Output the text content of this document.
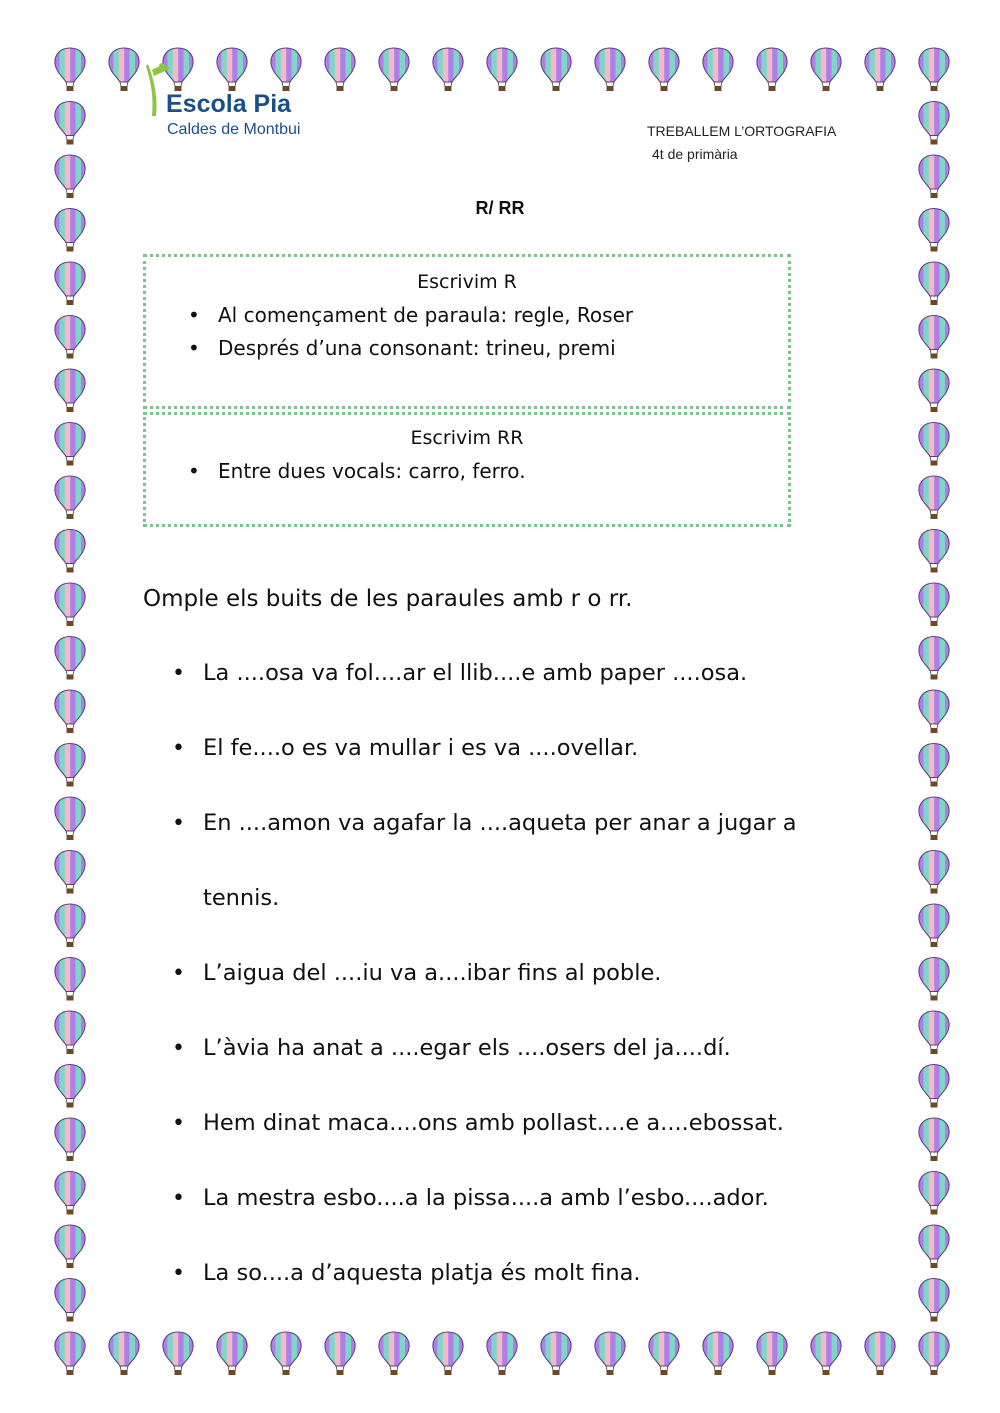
Escola Pia
Caldes de Montbui	TREBALLEM L’ORTOGRAFIA
4t de primària
R/ RR
Escrivim R
• Al començament de paraula: regle, Roser
• Després d’una consonant: trineu, premi
Escrivim RR
• Entre dues vocals: carro, ferro.
Omple els buits de les paraules amb r o rr.
• La ....osa va fol....ar el llib....e amb paper ....osa.
• El fe....o es va mullar i es va ....ovellar.
• En ....amon va agafar la ....aqueta per anar a jugar a tennis.
• L’aigua del ....iu va a....ibar fins al poble.
• L’àvia ha anat a ....egar els ....osers del ja....dí.
• Hem dinat maca....ons amb pollast....e a....ebossat.
• La mestra esbo....a la pissa....a amb l’esbo....ador.
• La so....a d’aquesta platja és molt fina.
